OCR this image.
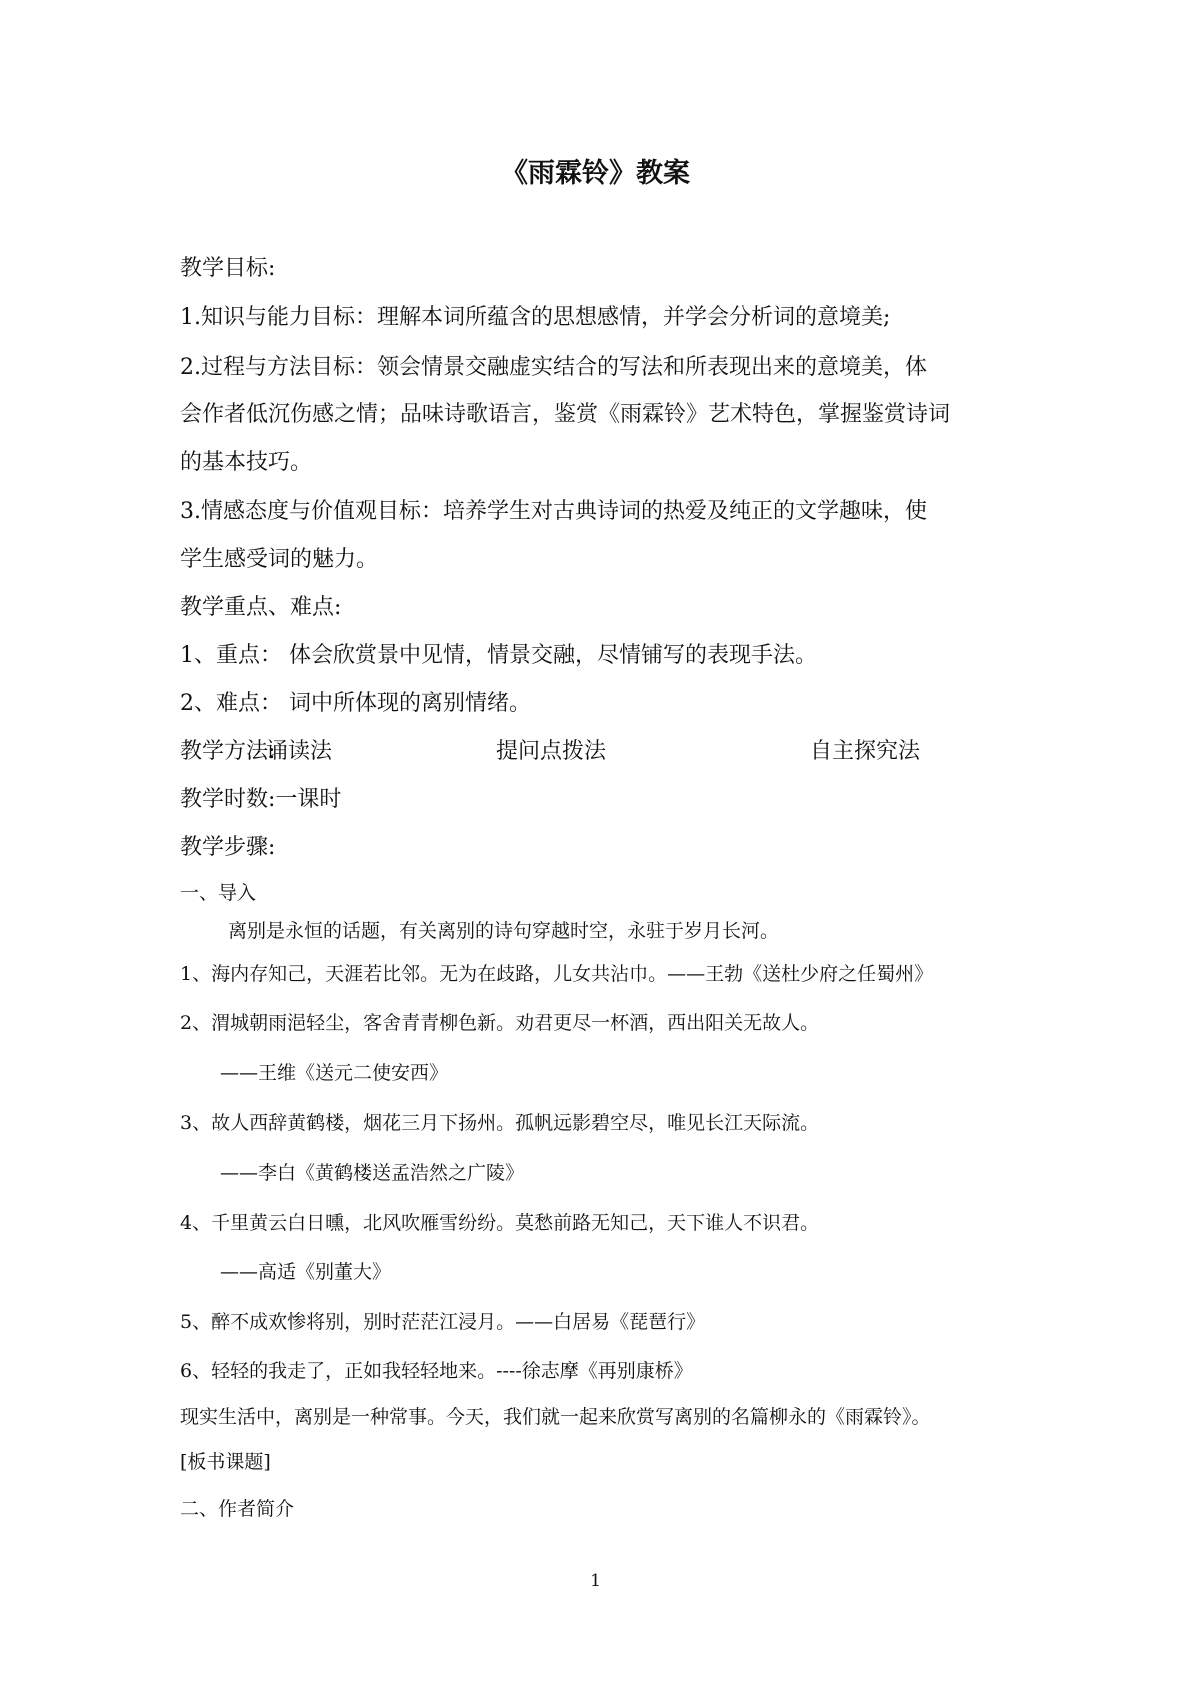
《雨霖铃》教案
教学目标:
1.知识与能力目标：理解本词所蕴含的思想感情，并学会分析词的意境美;
2.过程与方法目标：领会情景交融虚实结合的写法和所表现出来的意境美，体
会作者低沉伤感之情；品味诗歌语言，鉴赏《雨霖铃》艺术特色，掌握鉴赏诗词
的基本技巧。
3.情感态度与价值观目标：培养学生对古典诗词的热爱及纯正的文学趣味，使
学生感受词的魅力。
教学重点、难点:
1、重点： 体会欣赏景中见情，情景交融，尽情铺写的表现手法。
2、难点： 词中所体现的离别情绪。
教学方法:
诵读法	提问点拨法	自主探究法
教学时数:一课时
教学步骤:
一、导入
离别是永恒的话题，有关离别的诗句穿越时空，永驻于岁月长河。
1、海内存知己，天涯若比邻。无为在歧路，儿女共沾巾。——王勃《送杜少府之任蜀州》
2、渭城朝雨浥轻尘，客舍青青柳色新。劝君更尽一杯酒，西出阳关无故人。
——王维《送元二使安西》
3、故人西辞黄鹤楼，烟花三月下扬州。孤帆远影碧空尽，唯见长江天际流。
——李白《黄鹤楼送孟浩然之广陵》
4、千里黄云白日曛，北风吹雁雪纷纷。莫愁前路无知己，天下谁人不识君。
——高适《别董大》
5、醉不成欢惨将别，别时茫茫江浸月。——白居易《琵琶行》
6、轻轻的我走了，正如我轻轻地来。----徐志摩《再别康桥》
现实生活中，离别是一种常事。今天，我们就一起来欣赏写离别的名篇柳永的《雨霖铃》。
[板书课题]
二、作者简介
1
